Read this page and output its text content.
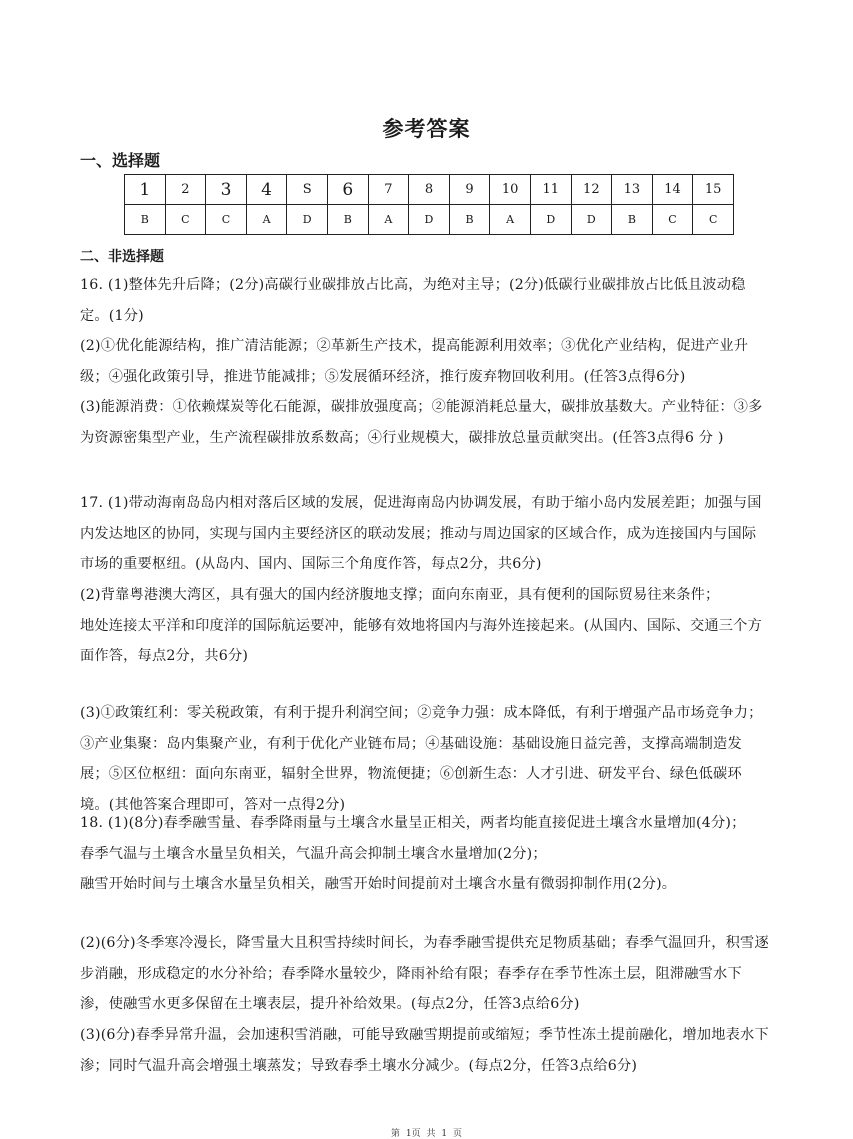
参考答案
一、选择题
1	2	3	4	S	6	7	8	9	10	11	12	13	14	15
B	C	C	A	D	B	A	D	B	A	D	D	B	C	C
二、非选择题

16. (1)整体先升后降；(2分)高碳行业碳排放占比高，为绝对主导；(2分)低碳行业碳排放占比低且波动稳定。(1分)

(2)①优化能源结构，推广清洁能源；②革新生产技术，提高能源利用效率；③优化产业结构，促进产业升级；④强化政策引导，推进节能减排；⑤发展循环经济，推行废弃物回收利用。(任答3点得6分)

(3)能源消费：①依赖煤炭等化石能源，碳排放强度高；②能源消耗总量大，碳排放基数大。产业特征：③多为资源密集型产业，生产流程碳排放系数高；④行业规模大，碳排放总量贡献突出。(任答3点得6 分 )

17. (1)带动海南岛岛内相对落后区域的发展，促进海南岛内协调发展，有助于缩小岛内发展差距；加强与国内发达地区的协同，实现与国内主要经济区的联动发展；推动与周边国家的区域合作，成为连接国内与国际市场的重要枢纽。(从岛内、国内、国际三个角度作答，每点2分，共6分)

(2)背靠粤港澳大湾区，具有强大的国内经济腹地支撑；面向东南亚，具有便利的国际贸易往来条件；

地处连接太平洋和印度洋的国际航运要冲，能够有效地将国内与海外连接起来。(从国内、国际、交通三个方面作答，每点2分，共6分)

(3)①政策红利：零关税政策，有利于提升利润空间；②竞争力强：成本降低，有利于增强产品市场竞争力；③产业集聚：岛内集聚产业，有利于优化产业链布局；④基础设施：基础设施日益完善，支撑高端制造发展；⑤区位枢纽：面向东南亚，辐射全世界，物流便捷；⑥创新生态：人才引进、研发平台、绿色低碳环境。(其他答案合理即可，答对一点得2分)

18. (1)(8分)春季融雪量、春季降雨量与土壤含水量呈正相关，两者均能直接促进土壤含水量增加(4分)；

春季气温与土壤含水量呈负相关，气温升高会抑制土壤含水量增加(2分)；

融雪开始时间与土壤含水量呈负相关，融雪开始时间提前对土壤含水量有微弱抑制作用(2分)。

(2)(6分)冬季寒冷漫长，降雪量大且积雪持续时间长，为春季融雪提供充足物质基础；春季气温回升，积雪逐步消融，形成稳定的水分补给；春季降水量较少，降雨补给有限；春季存在季节性冻土层，阻滞融雪水下渗，使融雪水更多保留在土壤表层，提升补给效果。(每点2分，任答3点给6分)

(3)(6分)春季异常升温，会加速积雪消融，可能导致融雪期提前或缩短；季节性冻土提前融化，增加地表水下渗；同时气温升高会增强土壤蒸发；导致春季土壤水分减少。(每点2分，任答3点给6分)

第 1页 共 1 页
